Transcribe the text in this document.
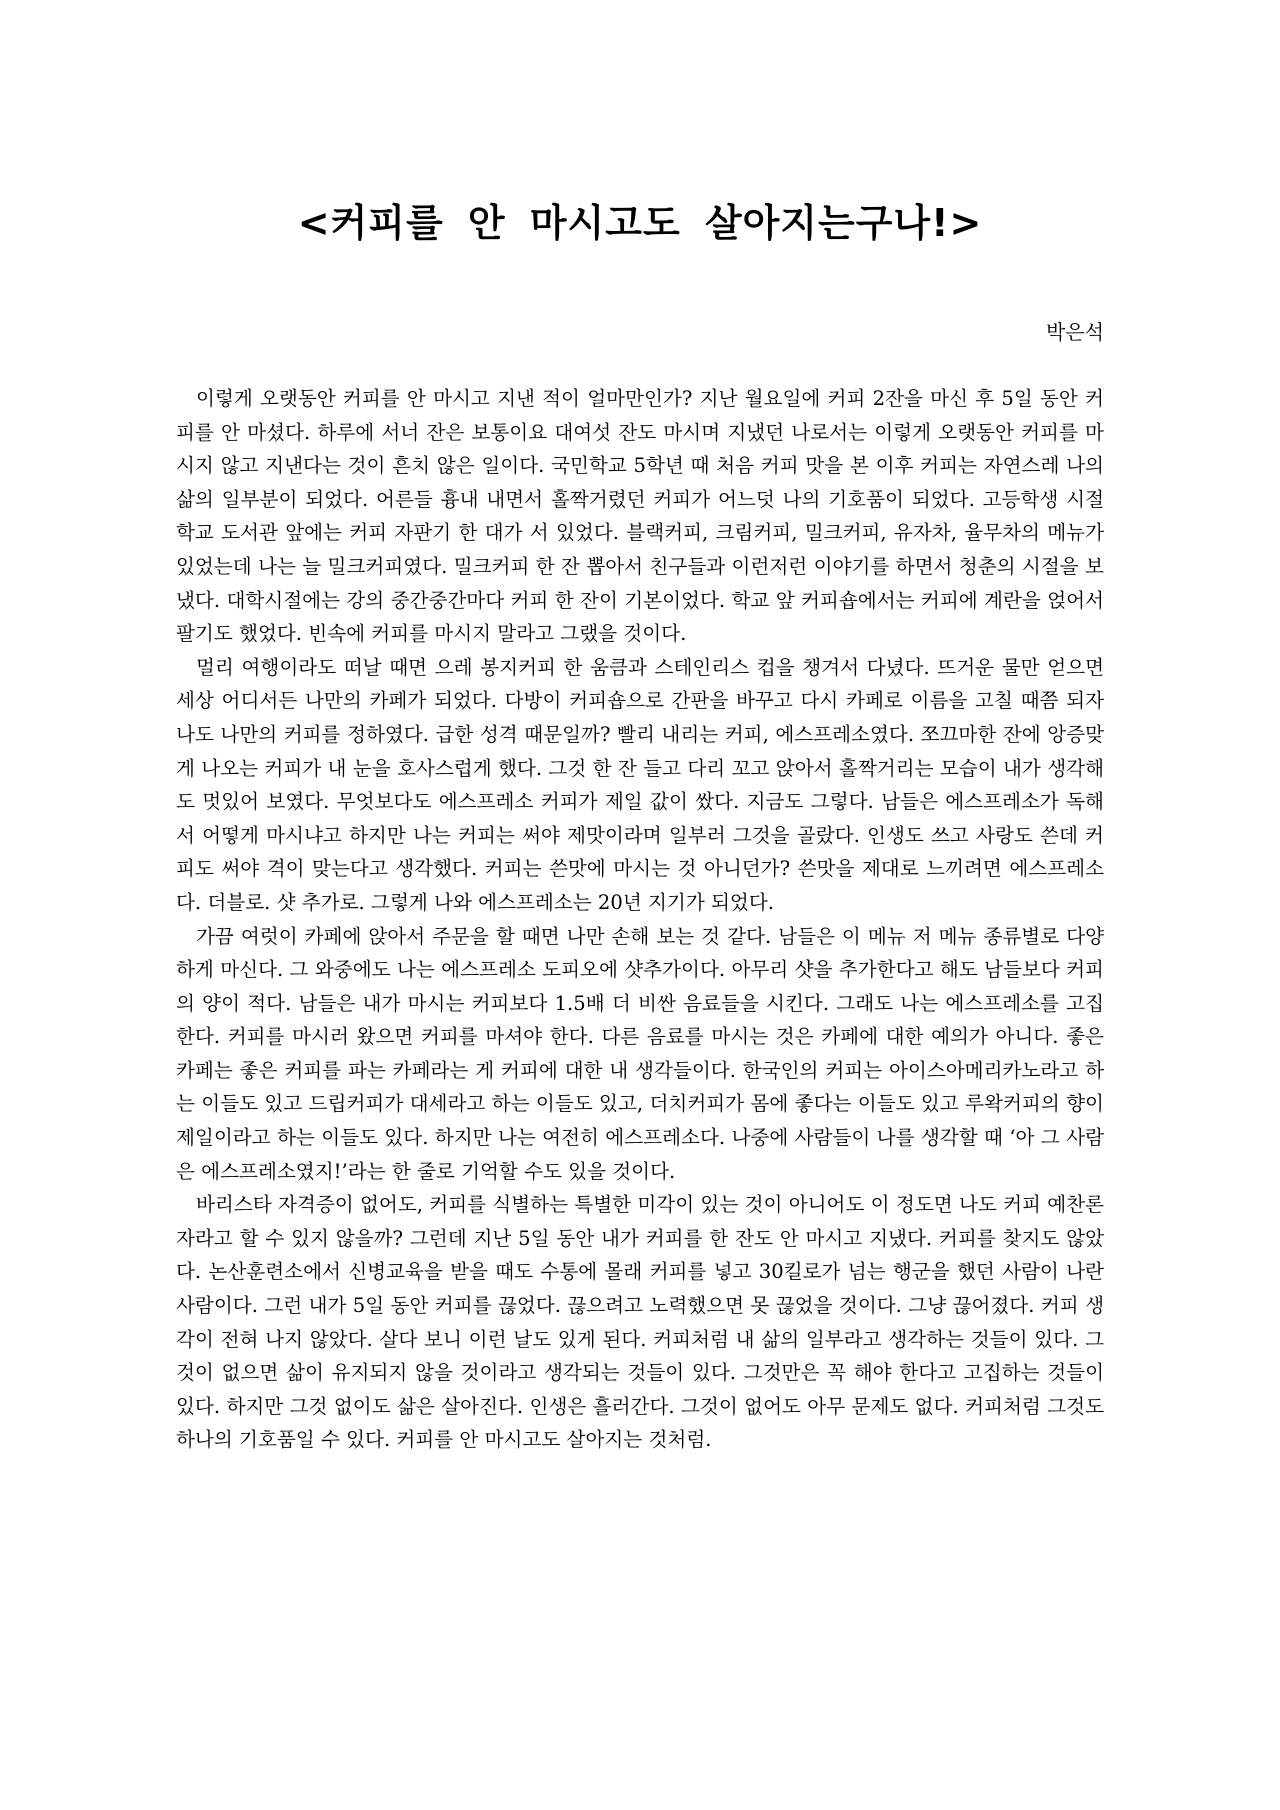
<커피를 안 마시고도 살아지는구나!>
박은석

이렇게 오랫동안 커피를 안 마시고 지낸 적이 얼마만인가? 지난 월요일에 커피 2잔을 마신 후 5일 동안 커피를 안 마셨다. 하루에 서너 잔은 보통이요 대여섯 잔도 마시며 지냈던 나로서는 이렇게 오랫동안 커피를 마시지 않고 지낸다는 것이 흔치 않은 일이다. 국민학교 5학년 때 처음 커피 맛을 본 이후 커피는 자연스레 나의 삶의 일부분이 되었다. 어른들 흉내 내면서 홀짝거렸던 커피가 어느덧 나의 기호품이 되었다. 고등학생 시절 학교 도서관 앞에는 커피 자판기 한 대가 서 있었다. 블랙커피, 크림커피, 밀크커피, 유자차, 율무차의 메뉴가 있었는데 나는 늘 밀크커피였다. 밀크커피 한 잔 뽑아서 친구들과 이런저런 이야기를 하면서 청춘의 시절을 보냈다. 대학시절에는 강의 중간중간마다 커피 한 잔이 기본이었다. 학교 앞 커피숍에서는 커피에 계란을 얹어서 팔기도 했었다. 빈속에 커피를 마시지 말라고 그랬을 것이다.

멀리 여행이라도 떠날 때면 으레 봉지커피 한 움큼과 스테인리스 컵을 챙겨서 다녔다. 뜨거운 물만 얻으면 세상 어디서든 나만의 카페가 되었다. 다방이 커피숍으로 간판을 바꾸고 다시 카페로 이름을 고칠 때쯤 되자 나도 나만의 커피를 정하였다. 급한 성격 때문일까? 빨리 내리는 커피, 에스프레소였다. 쪼끄마한 잔에 앙증맞게 나오는 커피가 내 눈을 호사스럽게 했다. 그것 한 잔 들고 다리 꼬고 앉아서 홀짝거리는 모습이 내가 생각해도 멋있어 보였다. 무엇보다도 에스프레소 커피가 제일 값이 쌌다. 지금도 그렇다. 남들은 에스프레소가 독해서 어떻게 마시냐고 하지만 나는 커피는 써야 제맛이라며 일부러 그것을 골랐다. 인생도 쓰고 사랑도 쓴데 커피도 써야 격이 맞는다고 생각했다. 커피는 쓴맛에 마시는 것 아니던가? 쓴맛을 제대로 느끼려면 에스프레소다. 더블로. 샷 추가로. 그렇게 나와 에스프레소는 20년 지기가 되었다.

가끔 여럿이 카페에 앉아서 주문을 할 때면 나만 손해 보는 것 같다. 남들은 이 메뉴 저 메뉴 종류별로 다양하게 마신다. 그 와중에도 나는 에스프레소 도피오에 샷추가이다. 아무리 샷을 추가한다고 해도 남들보다 커피의 양이 적다. 남들은 내가 마시는 커피보다 1.5배 더 비싼 음료들을 시킨다. 그래도 나는 에스프레소를 고집한다. 커피를 마시러 왔으면 커피를 마셔야 한다. 다른 음료를 마시는 것은 카페에 대한 예의가 아니다. 좋은 카페는 좋은 커피를 파는 카페라는 게 커피에 대한 내 생각들이다. 한국인의 커피는 아이스아메리카노라고 하는 이들도 있고 드립커피가 대세라고 하는 이들도 있고, 더치커피가 몸에 좋다는 이들도 있고 루왁커피의 향이 제일이라고 하는 이들도 있다. 하지만 나는 여전히 에스프레소다. 나중에 사람들이 나를 생각할 때 ‘아 그 사람은 에스프레소였지!’라는 한 줄로 기억할 수도 있을 것이다.

바리스타 자격증이 없어도, 커피를 식별하는 특별한 미각이 있는 것이 아니어도 이 정도면 나도 커피 예찬론자라고 할 수 있지 않을까? 그런데 지난 5일 동안 내가 커피를 한 잔도 안 마시고 지냈다. 커피를 찾지도 않았다. 논산훈련소에서 신병교육을 받을 때도 수통에 몰래 커피를 넣고 30킬로가 넘는 행군을 했던 사람이 나란 사람이다. 그런 내가 5일 동안 커피를 끊었다. 끊으려고 노력했으면 못 끊었을 것이다. 그냥 끊어졌다. 커피 생각이 전혀 나지 않았다. 살다 보니 이런 날도 있게 된다. 커피처럼 내 삶의 일부라고 생각하는 것들이 있다. 그것이 없으면 삶이 유지되지 않을 것이라고 생각되는 것들이 있다. 그것만은 꼭 해야 한다고 고집하는 것들이 있다. 하지만 그것 없이도 삶은 살아진다. 인생은 흘러간다. 그것이 없어도 아무 문제도 없다. 커피처럼 그것도 하나의 기호품일 수 있다. 커피를 안 마시고도 살아지는 것처럼.
